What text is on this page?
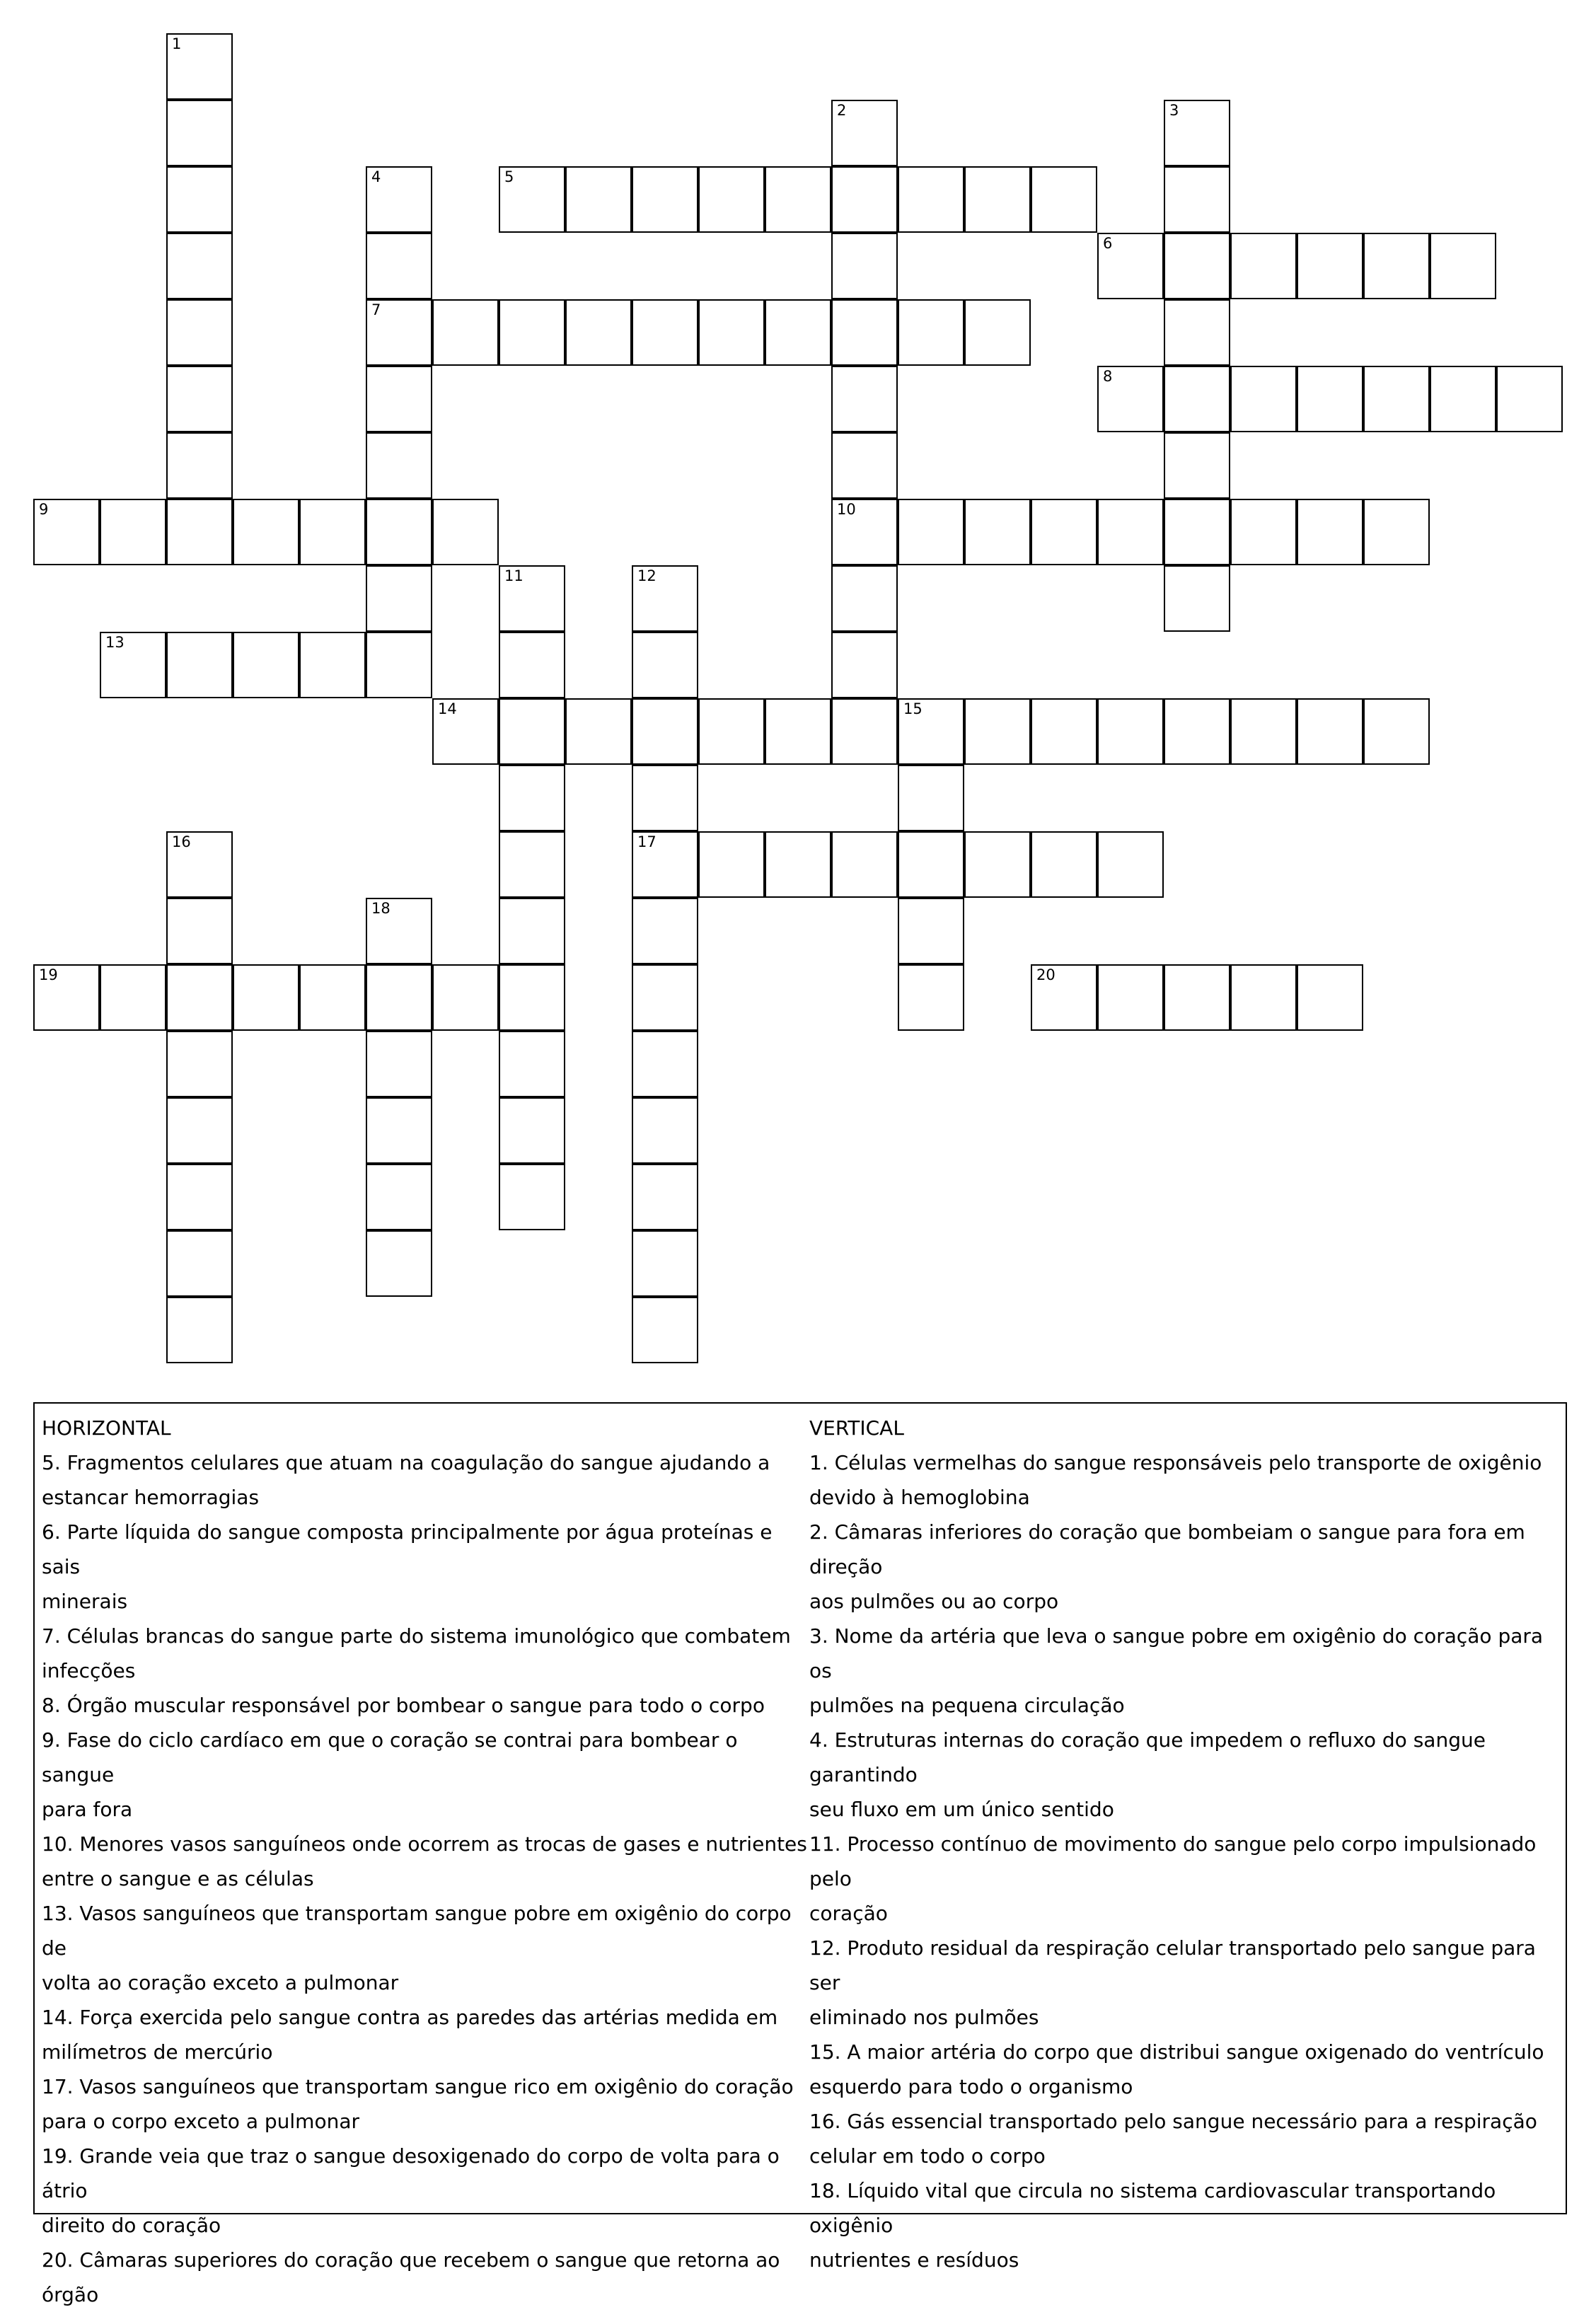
1
2
10
3
4
7
5
6
8
9
11	12
17
13
14	15
16
18
19	20

HORIZONTAL

5. Fragmentos celulares que atuam na coagulação do sangue ajudando a

estancar hemorragias

6. Parte líquida do sangue composta principalmente por água proteínas e sais

minerais

7. Células brancas do sangue parte do sistema imunológico que combatem

infecções

8. Órgão muscular responsável por bombear o sangue para todo o corpo

9. Fase do ciclo cardíaco em que o coração se contrai para bombear o sangue

para fora

10. Menores vasos sanguíneos onde ocorrem as trocas de gases e nutrientes

entre o sangue e as células

13. Vasos sanguíneos que transportam sangue pobre em oxigênio do corpo de

volta ao coração exceto a pulmonar

14. Força exercida pelo sangue contra as paredes das artérias medida em

milímetros de mercúrio

17. Vasos sanguíneos que transportam sangue rico em oxigênio do coração

para o corpo exceto a pulmonar

19. Grande veia que traz o sangue desoxigenado do corpo de volta para o átrio

direito do coração

20. Câmaras superiores do coração que recebem o sangue que retorna ao

órgão

VERTICAL

1. Células vermelhas do sangue responsáveis pelo transporte de oxigênio

devido à hemoglobina

2. Câmaras inferiores do coração que bombeiam o sangue para fora em direção

aos pulmões ou ao corpo

3. Nome da artéria que leva o sangue pobre em oxigênio do coração para os

pulmões na pequena circulação

4. Estruturas internas do coração que impedem o refluxo do sangue garantindo

seu fluxo em um único sentido

11. Processo contínuo de movimento do sangue pelo corpo impulsionado pelo

coração

12. Produto residual da respiração celular transportado pelo sangue para ser

eliminado nos pulmões

15. A maior artéria do corpo que distribui sangue oxigenado do ventrículo

esquerdo para todo o organismo

16. Gás essencial transportado pelo sangue necessário para a respiração

celular em todo o corpo

18. Líquido vital que circula no sistema cardiovascular transportando oxigênio

nutrientes e resíduos
